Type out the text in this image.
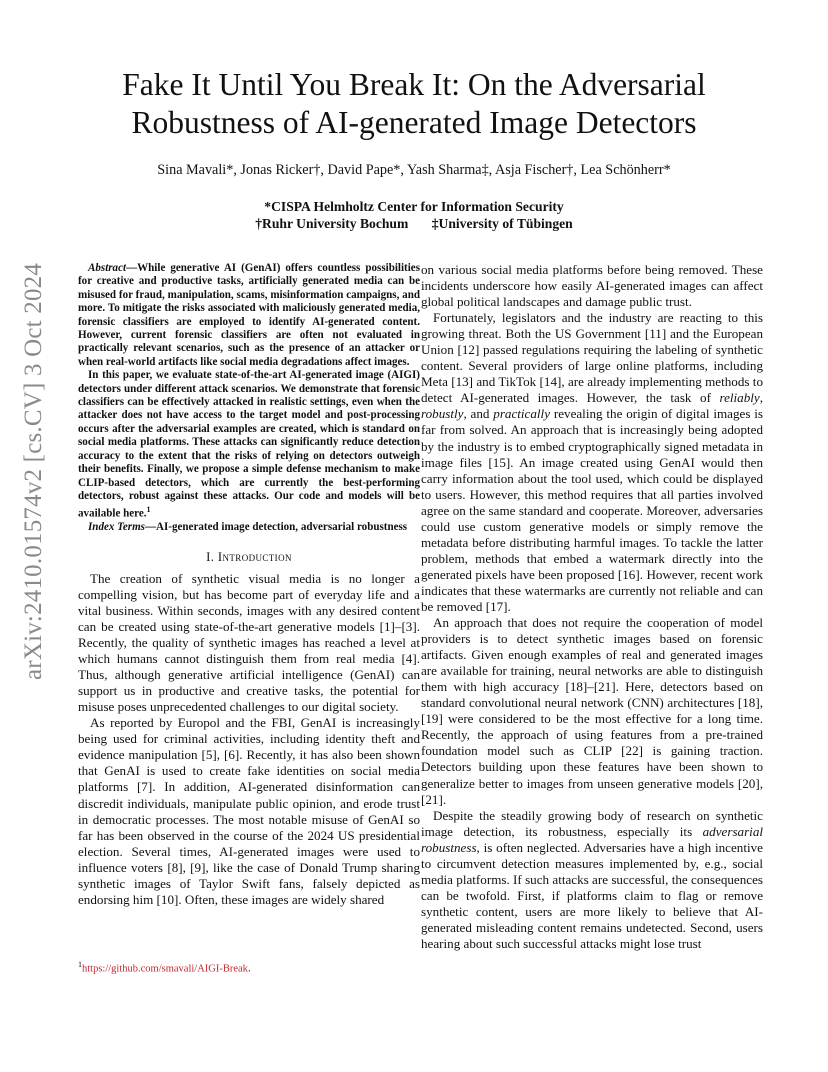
arXiv:2410.01574v2 [cs.CV] 3 Oct 2024
Fake It Until You Break It: On the Adversarial Robustness of AI-generated Image Detectors
Sina Mavali*, Jonas Ricker†, David Pape*, Yash Sharma‡, Asja Fischer†, Lea Schönherr*
*CISPA Helmholtz Center for Information Security
†Ruhr University Bochum ‡University of Tübingen

Abstract—While generative AI (GenAI) offers countless possibilities for creative and productive tasks, artificially generated media can be misused for fraud, manipulation, scams, misinformation campaigns, and more. To mitigate the risks associated with maliciously generated media, forensic classifiers are employed to identify AI-generated content. However, current forensic classifiers are often not evaluated in practically relevant scenarios, such as the presence of an attacker or when real-world artifacts like social media degradations affect images.

In this paper, we evaluate state-of-the-art AI-generated image (AIGI) detectors under different attack scenarios. We demonstrate that forensic classifiers can be effectively attacked in realistic settings, even when the attacker does not have access to the target model and post-processing occurs after the adversarial examples are created, which is standard on social media platforms. These attacks can significantly reduce detection accuracy to the extent that the risks of relying on detectors outweigh their benefits. Finally, we propose a simple defense mechanism to make CLIP-based detectors, which are currently the best-performing detectors, robust against these attacks. Our code and models will be available here.$^1$

Index Terms—AI-generated image detection, adversarial robustness

I. Introduction

The creation of synthetic visual media is no longer a compelling vision, but has become part of everyday life and a vital business. Within seconds, images with any desired content can be created using state-of-the-art generative models [1]–[3]. Recently, the quality of synthetic images has reached a level at which humans cannot distinguish them from real media [4]. Thus, although generative artificial intelligence (GenAI) can support us in productive and creative tasks, the potential for misuse poses unprecedented challenges to our digital society.

As reported by Europol and the FBI, GenAI is increasingly being used for criminal activities, including identity theft and evidence manipulation [5], [6]. Recently, it has also been shown that GenAI is used to create fake identities on social media platforms [7]. In addition, AI-generated disinformation can discredit individuals, manipulate public opinion, and erode trust in democratic processes. The most notable misuse of GenAI so far has been observed in the course of the 2024 US presidential election. Several times, AI-generated images were used to influence voters [8], [9], like the case of Donald Trump sharing synthetic images of Taylor Swift fans, falsely depicted as endorsing him [10]. Often, these images are widely shared

$^1$https://github.com/smavali/AIGI-Break.

on various social media platforms before being removed. These incidents underscore how easily AI-generated images can affect global political landscapes and damage public trust.

Fortunately, legislators and the industry are reacting to this growing threat. Both the US Government [11] and the European Union [12] passed regulations requiring the labeling of synthetic content. Several providers of large online platforms, including Meta [13] and TikTok [14], are already implementing methods to detect AI-generated images. However, the task of reliably, robustly, and practically revealing the origin of digital images is far from solved. An approach that is increasingly being adopted by the industry is to embed cryptographically signed metadata in image files [15]. An image created using GenAI would then carry information about the tool used, which could be displayed to users. However, this method requires that all parties involved agree on the same standard and cooperate. Moreover, adversaries could use custom generative models or simply remove the metadata before distributing harmful images. To tackle the latter problem, methods that embed a watermark directly into the generated pixels have been proposed [16]. However, recent work indicates that these watermarks are currently not reliable and can be removed [17].

An approach that does not require the cooperation of model providers is to detect synthetic images based on forensic artifacts. Given enough examples of real and generated images are available for training, neural networks are able to distinguish them with high accuracy [18]–[21]. Here, detectors based on standard convolutional neural network (CNN) architectures [18], [19] were considered to be the most effective for a long time. Recently, the approach of using features from a pre-trained foundation model such as CLIP [22] is gaining traction. Detectors building upon these features have been shown to generalize better to images from unseen generative models [20], [21].

Despite the steadily growing body of research on synthetic image detection, its robustness, especially its adversarial robustness, is often neglected. Adversaries have a high incentive to circumvent detection measures implemented by, e.g., social media platforms. If such attacks are successful, the consequences can be twofold. First, if platforms claim to flag or remove synthetic content, users are more likely to believe that AI-generated misleading content remains undetected. Second, users hearing about such successful attacks might lose trust
